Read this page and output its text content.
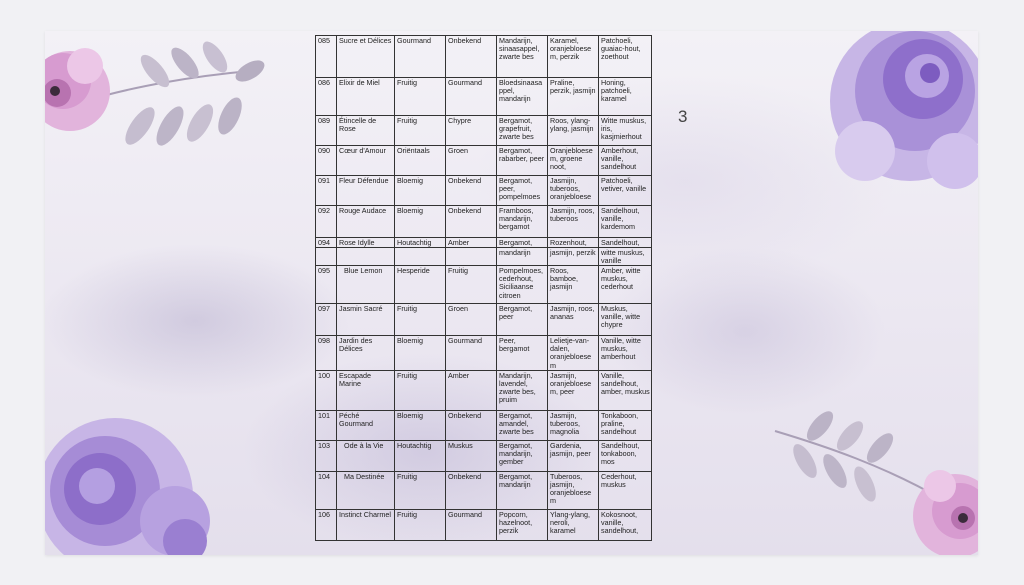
3
085	Sucre et Délices	Gourmand	Onbekend	Mandarijn, sinaasappel, zwarte bes	Karamel, oranjebloesem, perzik	Patchoeli, guaiac-hout, zoethout
086	Elixir de Miel	Fruitig	Gourmand	Bloedsinaasappel, mandarijn	Praline, perzik, jasmijn	Honing, patchoeli, karamel
089	Étincelle de Rose	Fruitig	Chypre	Bergamot, grapefruit, zwarte bes	Roos, ylang-ylang, jasmijn	Witte muskus, iris, kasjmierhout
090	Cœur d'Amour	Oriëntaals	Groen	Bergamot, rabarber, peer	Oranjebloesem, groene noot,	Amberhout, vanille, sandelhout
091	Fleur Défendue	Bloemig	Onbekend	Bergamot, peer, pompelmoes	Jasmijn, tuberoos, oranjebloese	Patchoeli, vetiver, vanille
092	Rouge Audace	Bloemig	Onbekend	Framboos, mandarijn, bergamot	Jasmijn, roos, tuberoos	Sandelhout, vanille, kardemom
094	Rose Idylle	Houtachtig	Amber	Bergamot,	Rozenhout,	Sandelhout,
				mandarijn	jasmijn, perzik	witte muskus, vanille
095	Blue Lemon	Hesperide	Fruitig	Pompelmoes, cederhout, Siciliaanse citroen	Roos, bamboe, jasmijn	Amber, witte muskus, cederhout
097	Jasmin Sacré	Fruitig	Groen	Bergamot, peer	Jasmijn, roos, ananas	Muskus, vanille, witte chypre
098	Jardin des Délices	Bloemig	Gourmand	Peer, bergamot	Lelietje-van-dalen, oranjebloesem	Vanille, witte muskus, amberhout
100	Escapade Marine	Fruitig	Amber	Mandarijn, lavendel, zwarte bes, pruim	Jasmijn, oranjebloesem, peer	Vanille, sandelhout, amber, muskus
101	Péché Gourmand	Bloemig	Onbekend	Bergamot, amandel, zwarte bes	Jasmijn, tuberoos, magnolia	Tonkaboon, praline, sandelhout
103	Ode à la Vie	Houtachtig	Muskus	Bergamot, mandarijn, gember	Gardenia, jasmijn, peer	Sandelhout, tonkaboon, mos
104	Ma Destinée	Fruitig	Onbekend	Bergamot, mandarijn	Tuberoos, jasmijn, oranjebloesem	Cederhout, muskus
106	Instinct Charmel	Fruitig	Gourmand	Popcorn, hazelnoot, perzik	Ylang-ylang, neroli, karamel	Kokosnoot, vanille, sandelhout,
